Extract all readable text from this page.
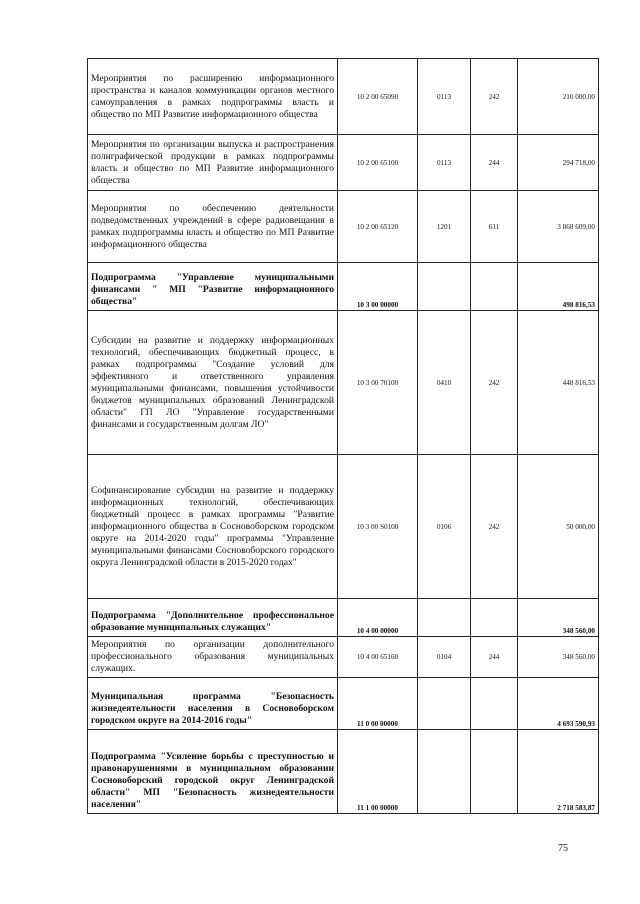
Мероприятия по расширению информационного пространства и каналов коммуникации органов местного самоуправления в рамках подпрограммы власть и общество по МП Развитие информационного общества	10 2 00 65090	0113	242	210 000,00
Мероприятия по организации выпуска и распространения полиграфической продукции в рамках подпрограммы власть и общество по МП Развитие информационного общества	10 2 00 65100	0113	244	294 718,00
Мероприятия по обеспечению деятельности подведомственных учреждений в сфере радиовещания в рамках подпрограммы власть и общество по МП Развитие информационного общества	10 2 00 65120	1201	611	3 868 609,00
Подпрограмма "Управление муниципальными финансами " МП "Развитие информационного общества"	10 3 00 00000			498 816,53
Субсидии на развитие и поддержку информационных технологий, обеспечивающих бюджетный процесс, в рамках подпрограммы "Создание условий для эффективного и ответственного управления муниципальными финансами, повышения устойчивости бюджетов муниципальных образований Ленинградской области" ГП ЛО "Управление государственными финансами и государственным долгам ЛО"	10 3 00 70100	0410	242	448 816,53
Софинансирование субсидии на развитие и поддержку информационных технологий, обеспечивающих бюджетный процесс в рамках программы "Развитие информационного общества в Сосновоборском городском округе на 2014-2020 годы" программы "Управление муниципальными финансами Сосновоборского городского округа Ленинградской области в 2015-2020 годах"	10 3 00 S0100	0106	242	50 000,00
Подпрограмма "Дополнительное профессиональное образование муниципальных служащих"	10 4 00 00000			348 560,00
Мероприятия по организации дополнительного профессионального образования муниципальных служащих.	10 4 00 65160	0104	244	348 560,00
Муниципальная программа "Безопасность жизнедеятельности населения в Сосновоборском городском округе на 2014-2016 годы"	11 0 00 00000			4 693 590,93
Подпрограмма "Усиление борьбы с преступностью и правонарушениями в муниципальном образовании Сосновоборский городской округ Ленинградской области" МП "Безопасность жизнедеятельности населения"	11 1 00 00000			2 718 583,87
75
